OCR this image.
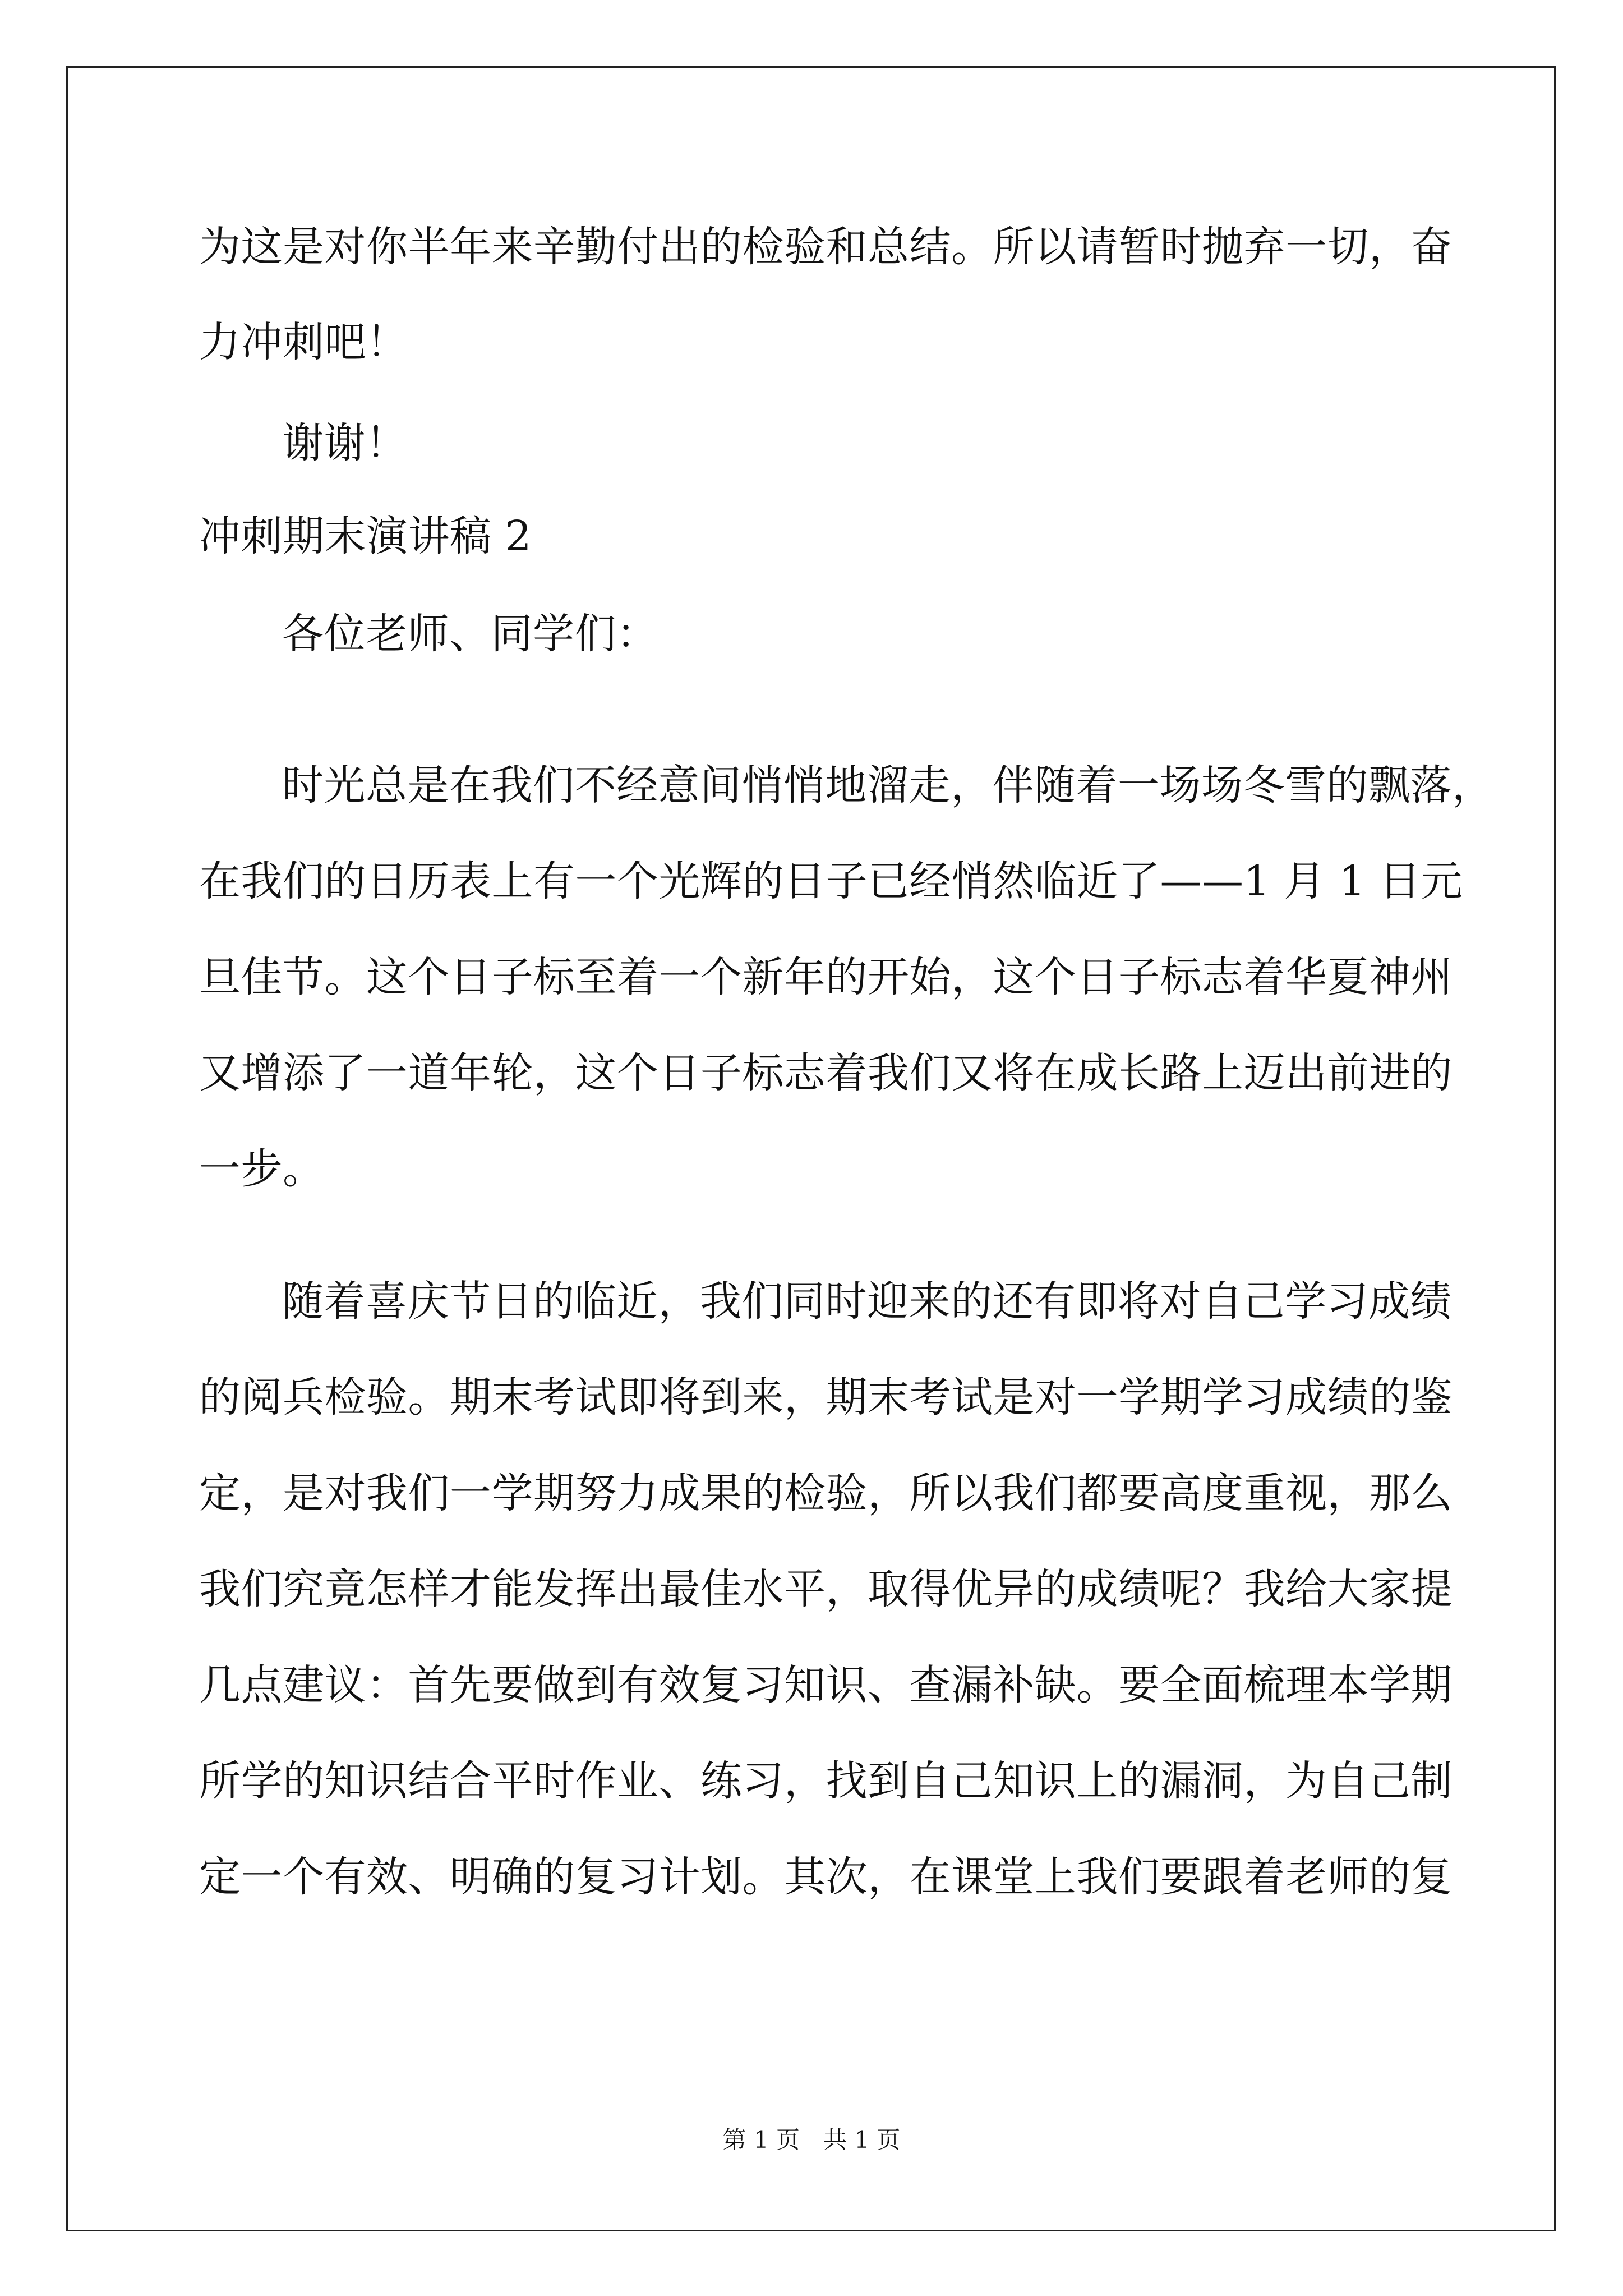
为这是对你半年来辛勤付出的检验和总结。所以请暂时抛弃一切，奋
力冲刺吧！
谢谢！
冲刺期末演讲稿 2
各位老师、同学们：
时光总是在我们不经意间悄悄地溜走，伴随着一场场冬雪的飘落，
在我们的日历表上有一个光辉的日子已经悄然临近了——1 月 1 日元
旦佳节。这个日子标至着一个新年的开始，这个日子标志着华夏神州
又增添了一道年轮，这个日子标志着我们又将在成长路上迈出前进的
一步。
随着喜庆节日的临近，我们同时迎来的还有即将对自己学习成绩
的阅兵检验。期末考试即将到来，期末考试是对一学期学习成绩的鉴
定，是对我们一学期努力成果的检验，所以我们都要高度重视，那么
我们究竟怎样才能发挥出最佳水平，取得优异的成绩呢？我给大家提
几点建议：首先要做到有效复习知识、查漏补缺。要全面梳理本学期
所学的知识结合平时作业、练习，找到自己知识上的漏洞，为自己制
定一个有效、明确的复习计划。其次，在课堂上我们要跟着老师的复
第 1 页　共 1 页
